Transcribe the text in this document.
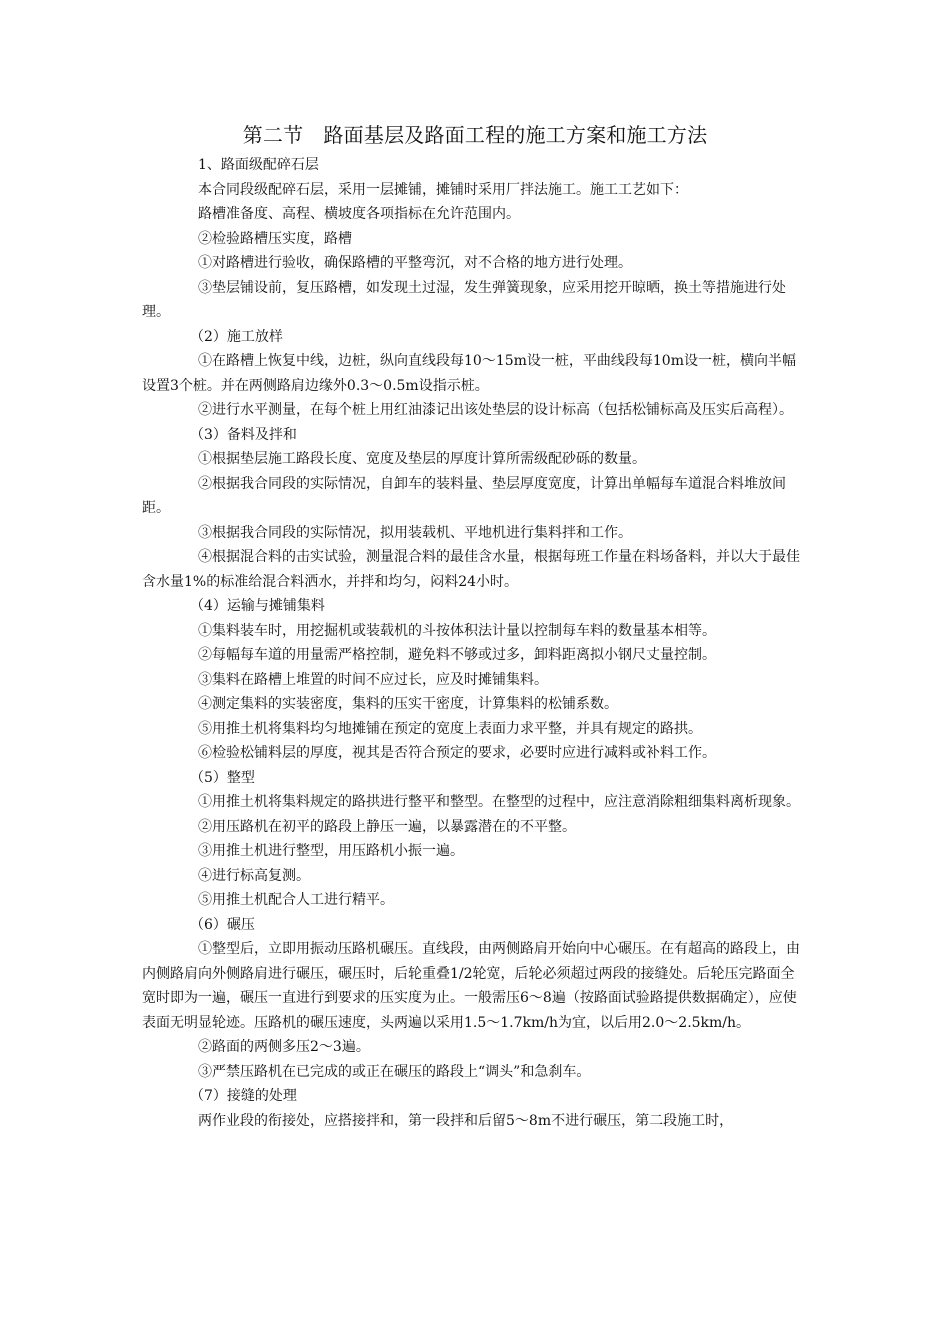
第二节　路面基层及路面工程的施工方案和施工方法

1、路面级配碎石层

本合同段级配碎石层，采用一层摊铺，摊铺时采用厂拌法施工。施工工艺如下：

路槽准备度、高程、横坡度各项指标在允许范围内。

②检验路槽压实度，路槽

①对路槽进行验收，确保路槽的平整弯沉，对不合格的地方进行处理。

③垫层铺设前，复压路槽，如发现土过湿，发生弹簧现象，应采用挖开晾晒，换土等措施进行处理。

（2）施工放样

①在路槽上恢复中线，边桩，纵向直线段每10～15m设一桩，平曲线段每10m设一桩，横向半幅设置3个桩。并在两侧路肩边缘外0.3～0.5m设指示桩。

②进行水平测量，在每个桩上用红油漆记出该处垫层的设计标高（包括松铺标高及压实后高程）。

（3）备料及拌和

①根据垫层施工路段长度、宽度及垫层的厚度计算所需级配砂砾的数量。

②根据我合同段的实际情况，自卸车的装料量、垫层厚度宽度，计算出单幅每车道混合料堆放间距。

③根据我合同段的实际情况，拟用装载机、平地机进行集料拌和工作。

④根据混合料的击实试验，测量混合料的最佳含水量，根据每班工作量在料场备料，并以大于最佳含水量1%的标准给混合料洒水，并拌和均匀，闷料24小时。

（4）运输与摊铺集料

①集料装车时，用挖掘机或装载机的斗按体积法计量以控制每车料的数量基本相等。

②每幅每车道的用量需严格控制，避免料不够或过多，卸料距离拟小钢尺丈量控制。

③集料在路槽上堆置的时间不应过长，应及时摊铺集料。

④测定集料的实装密度，集料的压实干密度，计算集料的松铺系数。

⑤用推土机将集料均匀地摊铺在预定的宽度上表面力求平整，并具有规定的路拱。

⑥检验松铺料层的厚度，视其是否符合预定的要求，必要时应进行减料或补料工作。

（5）整型

①用推土机将集料规定的路拱进行整平和整型。在整型的过程中，应注意消除粗细集料离析现象。

②用压路机在初平的路段上静压一遍，以暴露潜在的不平整。

③用推土机进行整型，用压路机小振一遍。

④进行标高复测。

⑤用推土机配合人工进行精平。

（6）碾压

①整型后，立即用振动压路机碾压。直线段，由两侧路肩开始向中心碾压。在有超高的路段上，由内侧路肩向外侧路肩进行碾压，碾压时，后轮重叠1/2轮宽，后轮必须超过两段的接缝处。后轮压完路面全宽时即为一遍，碾压一直进行到要求的压实度为止。一般需压6～8遍（按路面试验路提供数据确定），应使表面无明显轮迹。压路机的碾压速度，头两遍以采用1.5～1.7km/h为宜，以后用2.0～2.5km/h。

②路面的两侧多压2～3遍。

③严禁压路机在已完成的或正在碾压的路段上“调头”和急刹车。

（7）接缝的处理

两作业段的衔接处，应搭接拌和，第一段拌和后留5～8m不进行碾压，第二段施工时，
